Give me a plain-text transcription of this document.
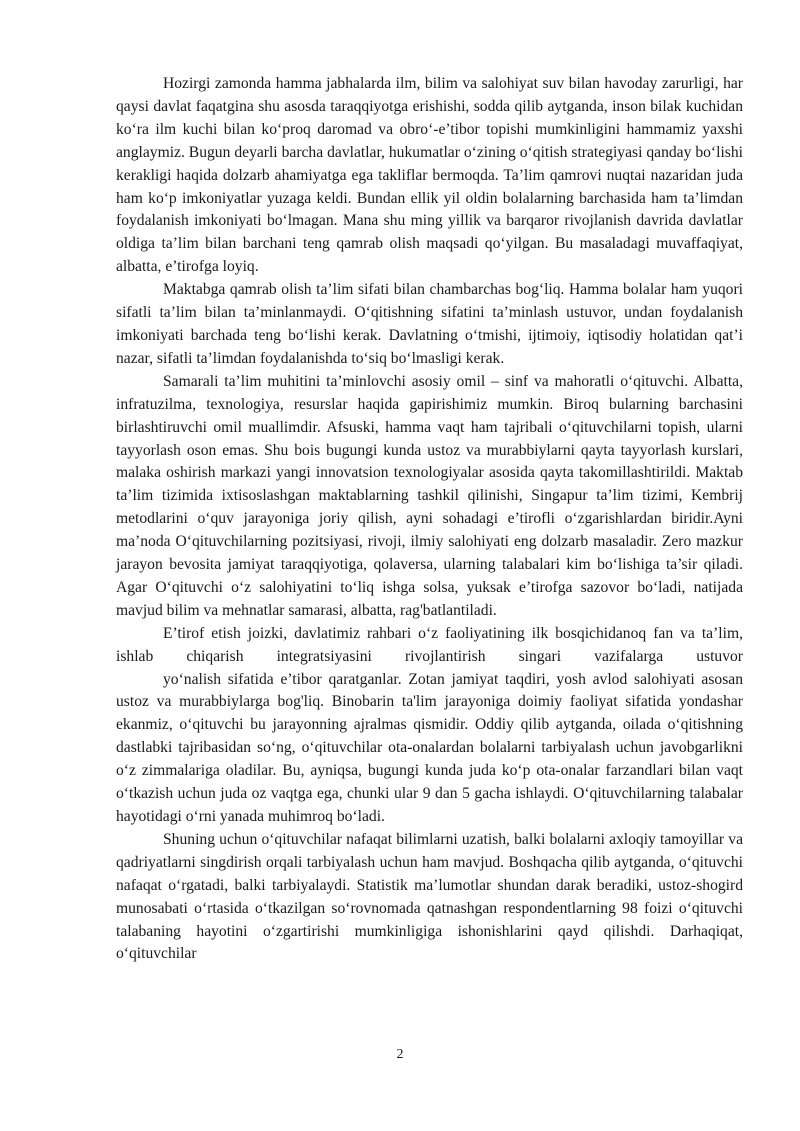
Hozirgi zamonda hamma jabhalarda ilm, bilim va salohiyat suv bilan havoday zarurligi, har qaysi davlat faqatgina shu asosda taraqqiyotga erishishi, sodda qilib aytganda, inson bilak kuchidan ko‘ra ilm kuchi bilan ko‘proq daromad va obro‘-e’tibor topishi mumkinligini hammamiz yaxshi anglaymiz. Bugun deyarli barcha davlatlar, hukumatlar o‘zining o‘qitish strategiyasi qanday bo‘lishi kerakligi haqida dolzarb ahamiyatga ega takliflar bermoqda. Ta’lim qamrovi nuqtai nazaridan juda ham ko‘p imkoniyatlar yuzaga keldi. Bundan ellik yil oldin bolalarning barchasida ham ta’limdan foydalanish imkoniyati bo‘lmagan. Mana shu ming yillik va barqaror rivojlanish davrida davlatlar oldiga ta’lim bilan barchani teng qamrab olish maqsadi qo‘yilgan. Bu masaladagi muvaffaqiyat, albatta, e’tirofga loyiq.

Maktabga qamrab olish ta’lim sifati bilan chambarchas bog‘liq. Hamma bolalar ham yuqori sifatli ta’lim bilan ta’minlanmaydi. O‘qitishning sifatini ta’minlash ustuvor, undan foydalanish imkoniyati barchada teng bo‘lishi kerak. Davlatning o‘tmishi, ijtimoiy, iqtisodiy holatidan qat’i nazar, sifatli ta’limdan foydalanishda to‘siq bo‘lmasligi kerak.

Samarali ta’lim muhitini ta’minlovchi asosiy omil – sinf va mahoratli o‘qituvchi. Albatta, infratuzilma, texnologiya, resurslar haqida gapirishimiz mumkin. Biroq bularning barchasini birlashtiruvchi omil muallimdir. Afsuski, hamma vaqt ham tajribali o‘qituvchilarni topish, ularni tayyorlash oson emas. Shu bois bugungi kunda ustoz va murabbiylarni qayta tayyorlash kurslari, malaka oshirish markazi yangi innovatsion texnologiyalar asosida qayta takomillashtirildi. Maktab ta’lim tizimida ixtisoslashgan maktablarning tashkil qilinishi, Singapur ta’lim tizimi, Kembrij metodlarini o‘quv jarayoniga joriy qilish, ayni sohadagi e’tirofli o‘zgarishlardan biridir.Ayni ma’noda O‘qituvchilarning pozitsiyasi, rivoji, ilmiy salohiyati eng dolzarb masaladir. Zero mazkur jarayon bevosita jamiyat taraqqiyotiga, qolaversa, ularning talabalari kim bo‘lishiga ta’sir qiladi. Agar O‘qituvchi o‘z salohiyatini to‘liq ishga solsa, yuksak e’tirofga sazovor bo‘ladi, natijada mavjud bilim va mehnatlar samarasi, albatta, rag'batlantiladi.

E’tirof etish joizki, davlatimiz rahbari o‘z faoliyatining ilk bosqichidanoq fan va ta’lim, ishlab chiqarish integratsiyasini rivojlantirish singari vazifalarga ustuvor

yo‘nalish sifatida e’tibor qaratganlar. Zotan jamiyat taqdiri, yosh avlod salohiyati asosan ustoz va murabbiylarga bog'liq. Binobarin ta'lim jarayoniga doimiy faoliyat sifatida yondashar ekanmiz, o‘qituvchi bu jarayonning ajralmas qismidir. Oddiy qilib aytganda, oilada o‘qitishning dastlabki tajribasidan so‘ng, o‘qituvchilar ota-onalardan bolalarni tarbiyalash uchun javobgarlikni o‘z zimmalariga oladilar. Bu, ayniqsa, bugungi kunda juda ko‘p ota-onalar farzandlari bilan vaqt o‘tkazish uchun juda oz vaqtga ega, chunki ular 9 dan 5 gacha ishlaydi. O‘qituvchilarning talabalar hayotidagi o‘rni yanada muhimroq bo‘ladi.

Shuning uchun o‘qituvchilar nafaqat bilimlarni uzatish, balki bolalarni axloqiy tamoyillar va qadriyatlarni singdirish orqali tarbiyalash uchun ham mavjud. Boshqacha qilib aytganda, o‘qituvchi nafaqat o‘rgatadi, balki tarbiyalaydi. Statistik ma’lumotlar shundan darak beradiki, ustoz-shogird munosabati o‘rtasida o‘tkazilgan so‘rovnomada qatnashgan respondentlarning 98 foizi o‘qituvchi talabaning hayotini o‘zgartirishi mumkinligiga ishonishlarini qayd qilishdi. Darhaqiqat, o‘qituvchilar

2
